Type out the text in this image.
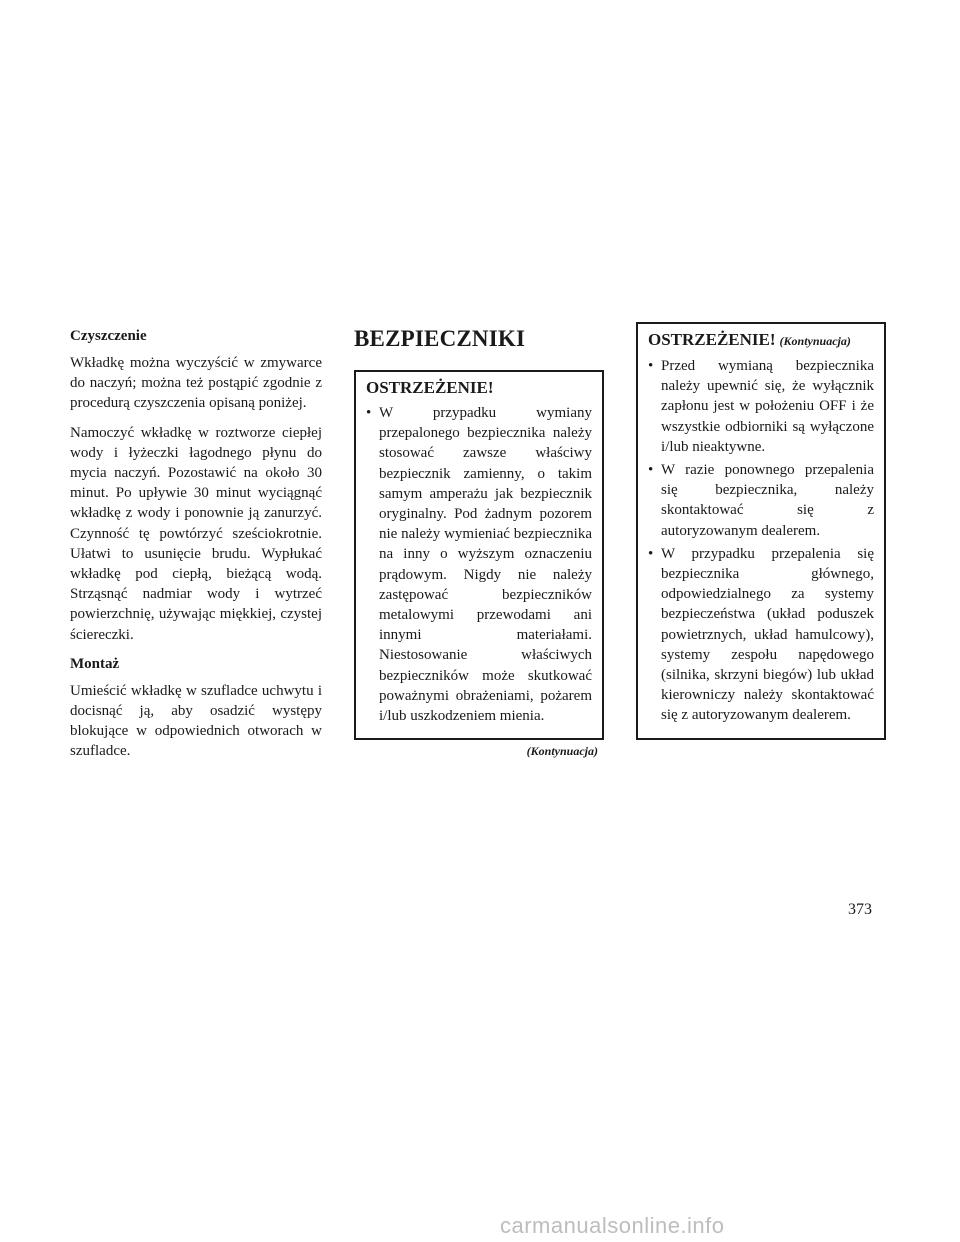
Czyszczenie

Wkładkę można wyczyścić w zmywarce do naczyń; można też postąpić zgodnie z procedurą czyszczenia opisaną poniżej.

Namoczyć wkładkę w roztworze ciepłej wody i łyżeczki łagodnego płynu do mycia naczyń. Pozostawić na około 30 minut. Po upływie 30 minut wyciągnąć wkładkę z wody i ponownie ją zanurzyć. Czynność tę powtórzyć sześciokrotnie. Ułatwi to usunięcie brudu. Wypłukać wkładkę pod ciepłą, bieżącą wodą. Strząsnąć nadmiar wody i wytrzeć powierzchnię, używając miękkiej, czystej ściereczki.

Montaż

Umieścić wkładkę w szufladce uchwytu i docisnąć ją, aby osadzić występy blokujące w odpowiednich otworach w szufladce.

BEZPIECZNIKI
OSTRZEŻENIE!
• W przypadku wymiany przepalonego bezpiecznika należy stosować zawsze właściwy bezpiecznik zamienny, o takim samym amperażu jak bezpiecznik oryginalny. Pod żadnym pozorem nie należy wymieniać bezpiecznika na inny o wyższym oznaczeniu prądowym. Nigdy nie należy zastępować bezpieczników metalowymi przewodami ani innymi materiałami. Niestosowanie właściwych bezpieczników może skutkować poważnymi obrażeniami, pożarem i/lub uszkodzeniem mienia.
(Kontynuacja)
OSTRZEŻENIE! (Kontynuacja)
• Przed wymianą bezpiecznika należy upewnić się, że wyłącznik zapłonu jest w położeniu OFF i że wszystkie odbiorniki są wyłączone i/lub nieaktywne.
• W razie ponownego przepalenia się bezpiecznika, należy skontaktować się z autoryzowanym dealerem.
• W przypadku przepalenia się bezpiecznika głównego, odpowiedzialnego za systemy bezpieczeństwa (układ poduszek powietrznych, układ hamulcowy), systemy zespołu napędowego (silnika, skrzyni biegów) lub układ kierowniczy należy skontaktować się z autoryzowanym dealerem.
373
carmanualsonline.info
